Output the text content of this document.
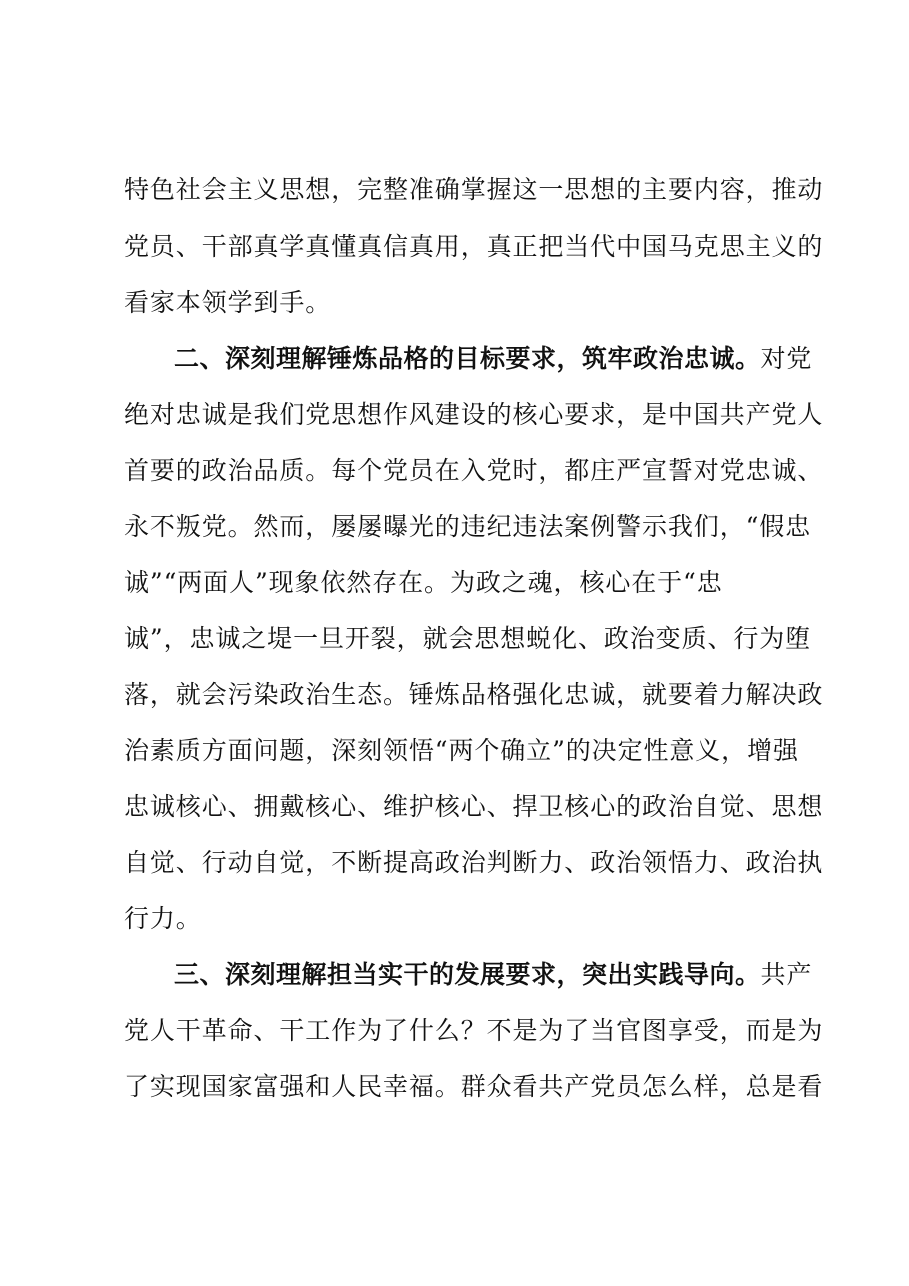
特色社会主义思想，完整准确掌握这一思想的主要内容，推动
党员、干部真学真懂真信真用，真正把当代中国马克思主义的
看家本领学到手。
二、深刻理解锤炼品格的目标要求，筑牢政治忠诚。对党
绝对忠诚是我们党思想作风建设的核心要求，是中国共产党人
首要的政治品质。每个党员在入党时，都庄严宣誓对党忠诚、
永不叛党。然而，屡屡曝光的违纪违法案例警示我们，“假忠
诚”“两面人”现象依然存在。为政之魂，核心在于“忠
诚”，忠诚之堤一旦开裂，就会思想蜕化、政治变质、行为堕
落，就会污染政治生态。锤炼品格强化忠诚，就要着力解决政
治素质方面问题，深刻领悟“两个确立”的决定性意义，增强
忠诚核心、拥戴核心、维护核心、捍卫核心的政治自觉、思想
自觉、行动自觉，不断提高政治判断力、政治领悟力、政治执
行力。
三、深刻理解担当实干的发展要求，突出实践导向。共产
党人干革命、干工作为了什么？不是为了当官图享受，而是为
了实现国家富强和人民幸福。群众看共产党员怎么样，总是看
